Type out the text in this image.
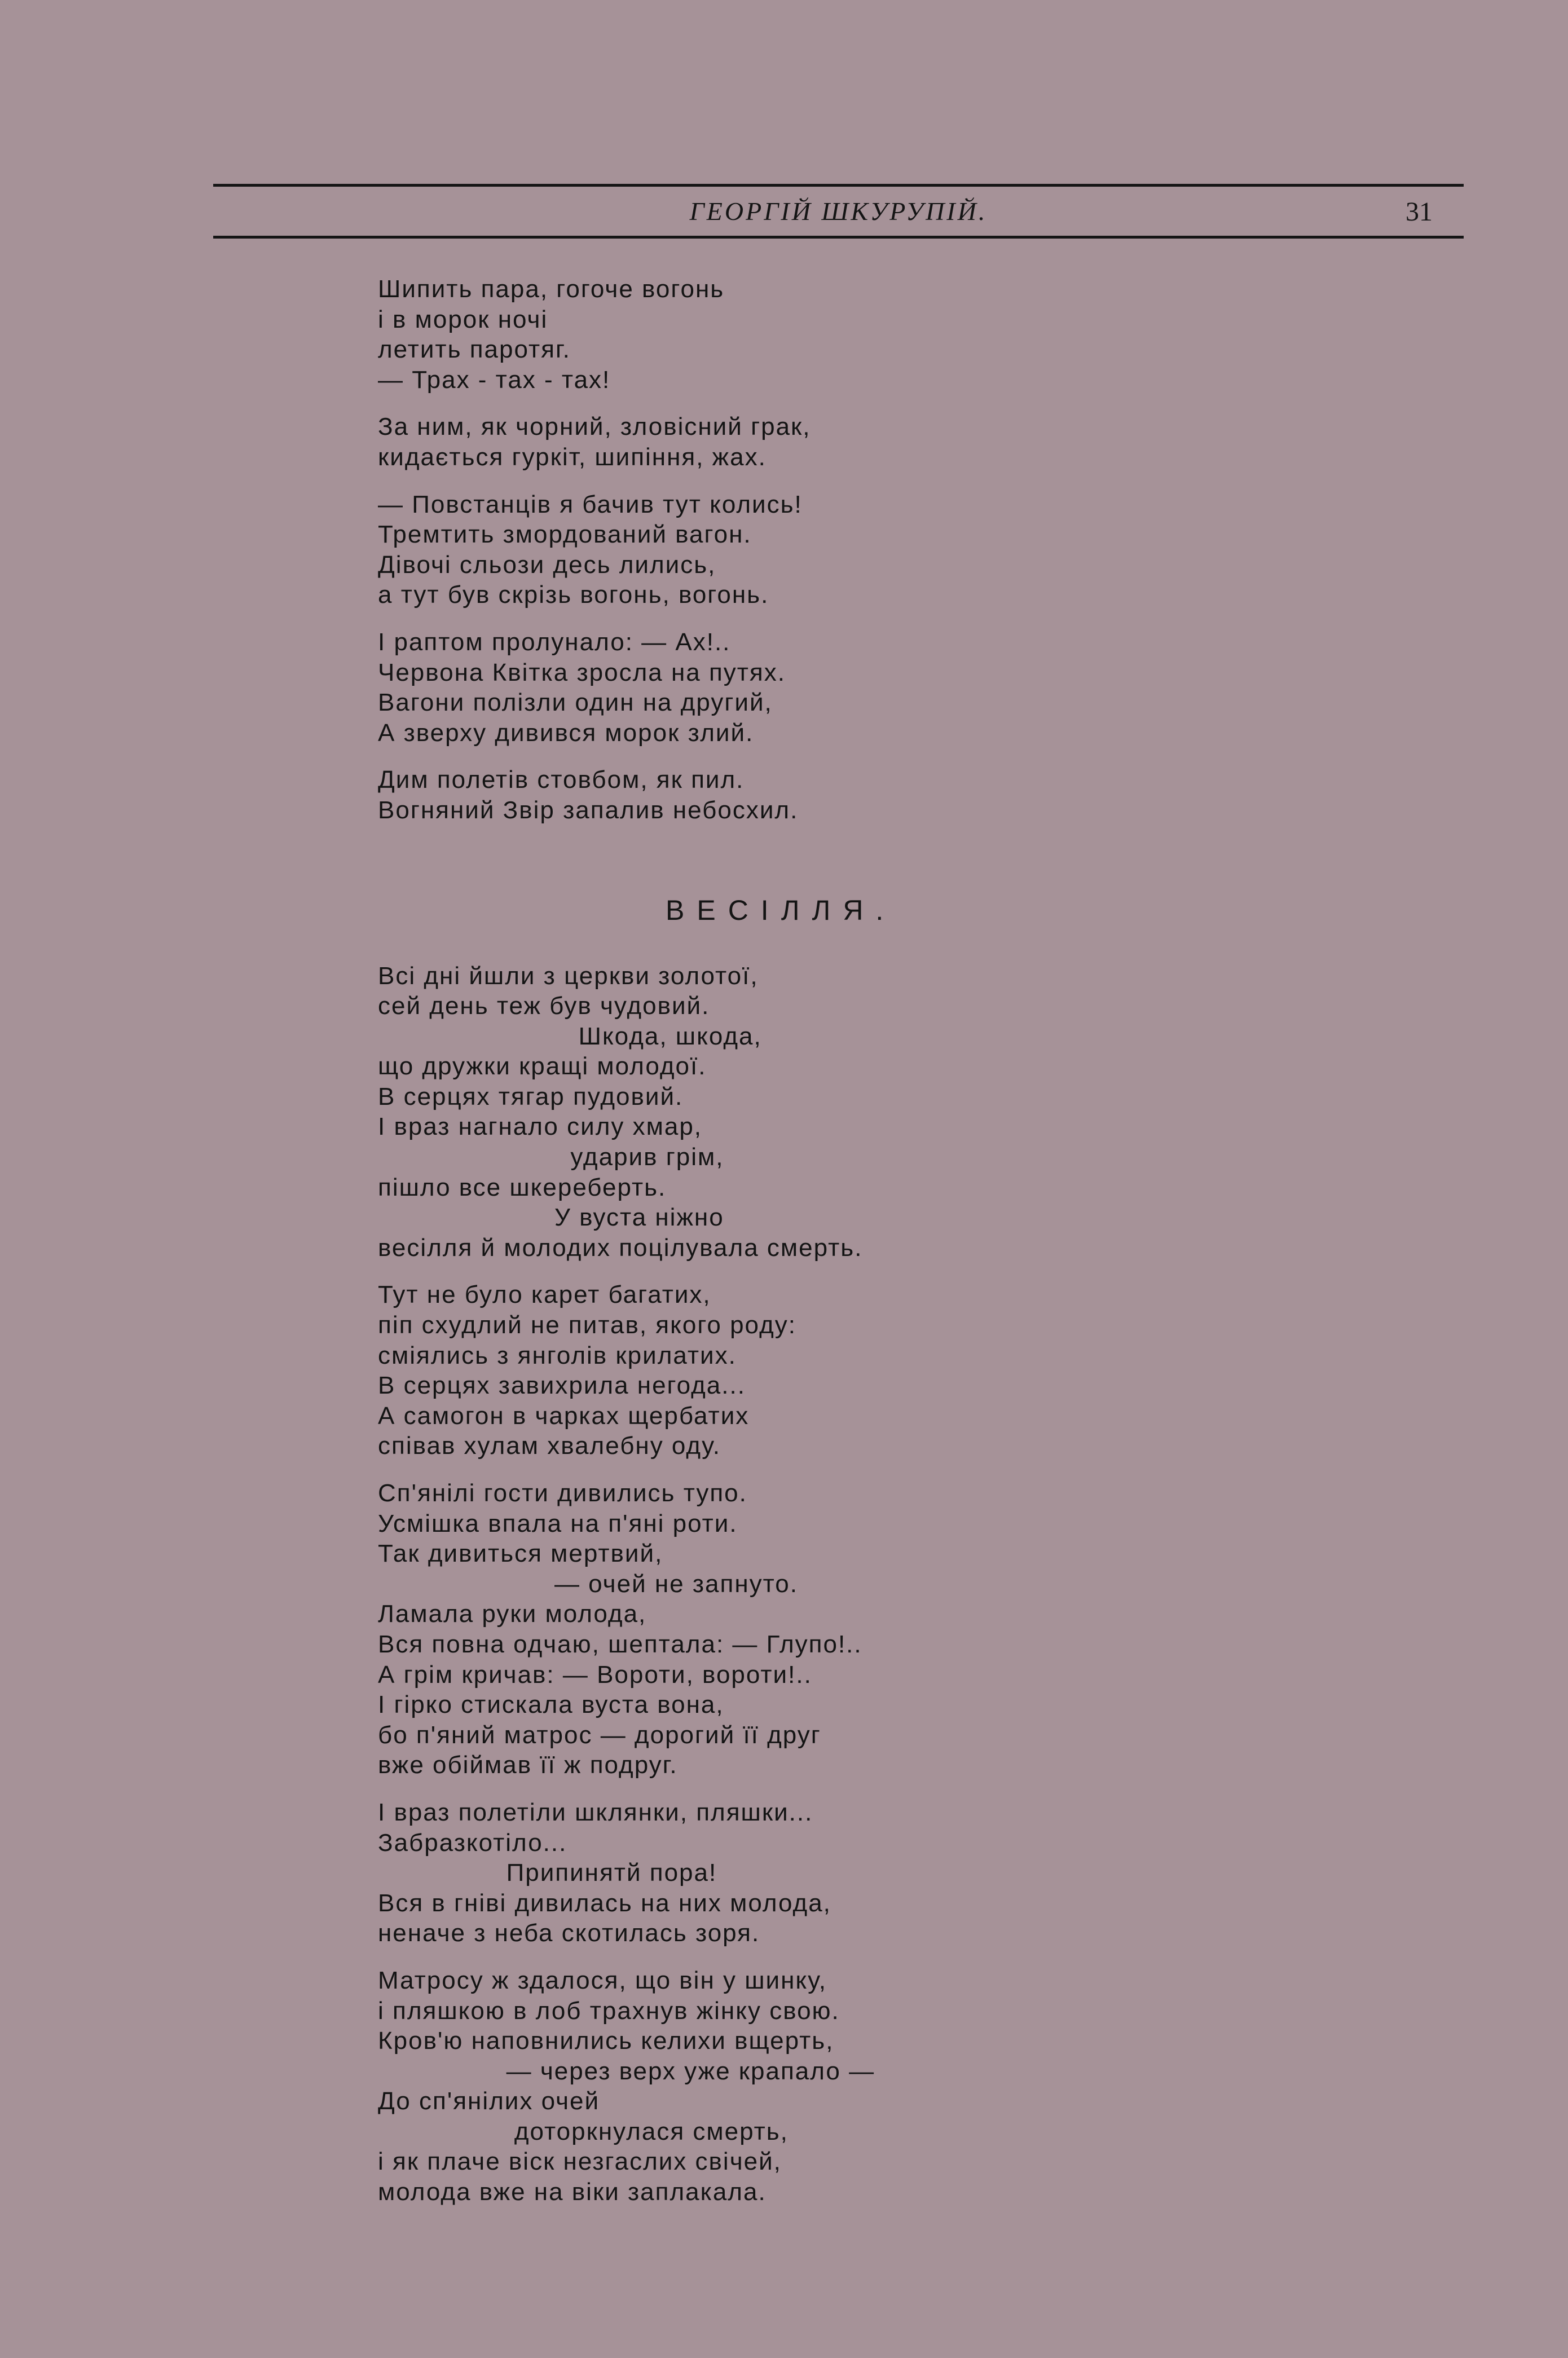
ГЕОРГІЙ ШКУРУПІЙ.	31
Шипить пара, гогоче вогонь
і в морок ночі
летить паротяг.
— Трах - тах - тах!
За ним, як чорний, зловісний грак,
кидається гуркіт, шипіння, жах.
— Повстанців я бачив тут колись!
Тремтить змордований вагон.
Дівочі сльози десь лились,
а тут був скрізь вогонь, вогонь.
І раптом пролунало: — Ах!..
Червона Квітка зросла на путях.
Вагони полізли один на другий,
А зверху дивився морок злий.
Дим полетів стовбом, як пил.
Вогняний Звір запалив небосхил.
ВЕСІЛЛЯ.
Всі дні йшли з церкви золотої,
сей день теж був чудовий.
Шкода, шкода,
що дружки кращі молодої.
В серцях тягар пудовий.
І враз нагнало силу хмар,
ударив грім,
пішло все шкереберть.
У вуста ніжно
весілля й молодих поцілувала смерть.
Тут не було карет багатих,
піп схудлий не питав, якого роду:
сміялись з янголів крилатих.
В серцях завихрила негода...
А самогон в чарках щербатих
співав хулам хвалебну оду.
Сп'янілі гости дивились тупо.
Усмішка впала на п'яні роти.
Так дивиться мертвий,
— очей не запнуто.
Ламала руки молода,
Вся повна одчаю, шептала: — Глупо!..
А грім кричав: — Вороти, вороти!..
І гірко стискала вуста вона,
бо п'яний матрос — дорогий її друг
вже обіймав її ж подруг.
І враз полетіли шклянки, пляшки...
Забразкотіло...
Припинятй пора!
Вся в гніві дивилась на них молода,
неначе з неба скотилась зоря.
Матросу ж здалося, що він у шинку,
і пляшкою в лоб трахнув жінку свою.
Кров'ю наповнились келихи вщерть,
— через верх уже крапало —
До сп'янілих очей
доторкнулася смерть,
і як плаче віск незгаслих свічей,
молода вже на віки заплакала.
